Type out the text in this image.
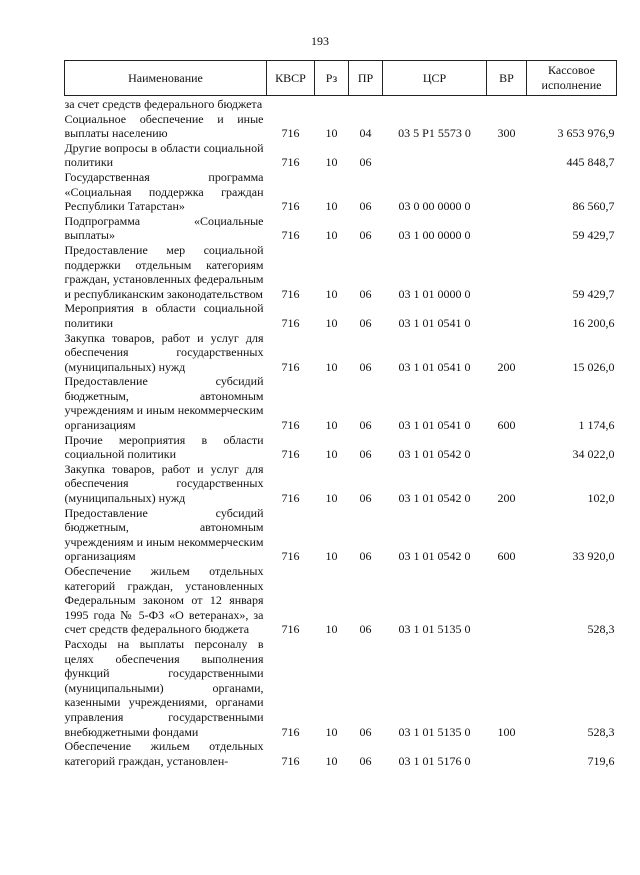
193
Наименование	КВСР	Рз	ПР	ЦСР	ВР	Кассовое исполнение
за счет средств федерального бюджета						
Социальное обеспечение и иные выплаты населению	716	10	04	03 5 P1 5573 0	300	3 653 976,9
Другие вопросы в области социальной политики	716	10	06			445 848,7
Государственная программа «Социальная поддержка граждан Республики Татарстан»	716	10	06	03 0 00 0000 0		86 560,7
Подпрограмма «Социальные выплаты»	716	10	06	03 1 00 0000 0		59 429,7
Предоставление мер социальной поддержки отдельным категориям граждан, установленных федеральным и республиканским законодательством	716	10	06	03 1 01 0000 0		59 429,7
Мероприятия в области социальной политики	716	10	06	03 1 01 0541 0		16 200,6
Закупка товаров, работ и услуг для обеспечения государственных (муниципальных) нужд	716	10	06	03 1 01 0541 0	200	15 026,0
Предоставление субсидий бюджетным, автономным учреждениям и иным некоммерческим организациям	716	10	06	03 1 01 0541 0	600	1 174,6
Прочие мероприятия в области социальной политики	716	10	06	03 1 01 0542 0		34 022,0
Закупка товаров, работ и услуг для обеспечения государственных (муниципальных) нужд	716	10	06	03 1 01 0542 0	200	102,0
Предоставление субсидий бюджетным, автономным учреждениям и иным некоммерческим организациям	716	10	06	03 1 01 0542 0	600	33 920,0
Обеспечение жильем отдельных категорий граждан, установленных Федеральным законом от 12 января 1995 года № 5-ФЗ «О ветеранах», за счет средств федерального бюджета	716	10	06	03 1 01 5135 0		528,3
Расходы на выплаты персоналу в целях обеспечения выполнения функций государственными (муниципальными) органами, казенными учреждениями, органами управления государственными внебюджетными фондами	716	10	06	03 1 01 5135 0	100	528,3
Обеспечение жильем отдельных категорий граждан, установлен-	716	10	06	03 1 01 5176 0		719,6
